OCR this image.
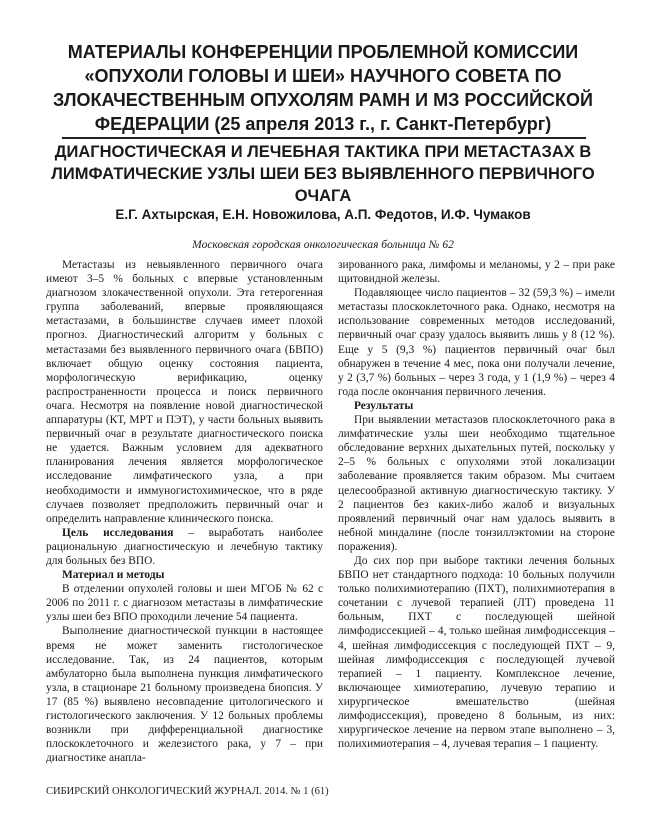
МАТЕРИАЛЫ КОНФЕРЕНЦИИ ПРОБЛЕМНОЙ КОМИССИИ «ОПУХОЛИ ГОЛОВЫ И ШЕИ» НАУЧНОГО СОВЕТА ПО ЗЛОКАЧЕСТВЕННЫМ ОПУХОЛЯМ РАМН И МЗ РОССИЙСКОЙ ФЕДЕРАЦИИ (25 апреля 2013 г., г. Санкт-Петербург)
ДИАГНОСТИЧЕСКАЯ И ЛЕЧЕБНАЯ ТАКТИКА ПРИ МЕТАСТАЗАХ В ЛИМФАТИЧЕСКИЕ УЗЛЫ ШЕИ БЕЗ ВЫЯВЛЕННОГО ПЕРВИЧНОГО ОЧАГА
Е.Г. Ахтырская, Е.Н. Новожилова, А.П. Федотов, И.Ф. Чумаков
Московская городская онкологическая больница № 62

Метастазы из невыявленного первичного очага имеют 3–5 % больных с впервые установленным диагнозом злокачественной опухоли. Эта гетерогенная группа заболеваний, впервые проявляющаяся метастазами, в большинстве случаев имеет плохой прогноз. Диагностический алгоритм у больных с метастазами без выявленного первичного очага (БВПО) включает общую оценку состояния пациента, морфологическую верификацию, оценку распространенности процесса и поиск первичного очага. Несмотря на появление новой диагностической аппаратуры (КТ, МРТ и ПЭТ), у части больных выявить первичный очаг в результате диагностического поиска не удается. Важным условием для адекватного планирования лечения является морфологическое исследование лимфатического узла, а при необходимости и иммуногистохимическое, что в ряде случаев позволяет предположить первичный очаг и определить направление клинического поиска.

Цель исследования – выработать наиболее рациональную диагностическую и лечебную тактику для больных без ВПО.

Материал и методы

В отделении опухолей головы и шеи МГОБ № 62 с 2006 по 2011 г. с диагнозом метастазы в лимфатические узлы шеи без ВПО проходили лечение 54 пациента.

Выполнение диагностической пункции в настоящее время не может заменить гистологическое исследование. Так, из 24 пациентов, которым амбулаторно была выполнена пункция лимфатического узла, в стационаре 21 больному произведена биопсия. У 17 (85 %) выявлено несовпадение цитологического и гистологического заключения. У 12 больных проблемы возникли при дифференциальной диагностике плоскоклеточного и железистого рака, у 7 – при диагностике анапла-

зированного рака, лимфомы и меланомы, у 2 – при раке щитовидной железы.

Подавляющее число пациентов – 32 (59,3 %) – имели метастазы плоскоклеточного рака. Однако, несмотря на использование современных методов исследований, первичный очаг сразу удалось выявить лишь у 8 (12 %). Еще у 5 (9,3 %) пациентов первичный очаг был обнаружен в течение 4 мес, пока они получали лечение, у 2 (3,7 %) больных – через 3 года, у 1 (1,9 %) – через 4 года после окончания первичного лечения.

Результаты

При выявлении метастазов плоскоклеточного рака в лимфатические узлы шеи необходимо тщательное обследование верхних дыхательных путей, поскольку у 2–5 % больных с опухолями этой локализации заболевание проявляется таким образом. Мы считаем целесообразной активную диагностическую тактику. У 2 пациентов без каких-либо жалоб и визуальных проявлений первичный очаг нам удалось выявить в небной миндалине (после тонзиллэктомии на стороне поражения).

До сих пор при выборе тактики лечения больных БВПО нет стандартного подхода: 10 больных получили только полихимиотерапию (ПХТ), полихимиотерапия в сочетании с лучевой терапией (ЛТ) проведена 11 больным, ПХТ с последующей шейной лимфодиссекцией – 4, только шейная лимфодиссекция – 4, шейная лимфодиссекция с последующей ПХТ – 9, шейная лимфодиссекция с последующей лучевой терапией – 1 пациенту. Комплексное лечение, включающее химиотерапию, лучевую терапию и хирургическое вмешательство (шейная лимфодиссекция), проведено 8 больным, из них: хирургическое лечение на первом этапе выполнено – 3, полихимиотерапия – 4, лучевая терапия – 1 пациенту.

СИБИРСКИЙ ОНКОЛОГИЧЕСКИЙ ЖУРНАЛ. 2014. № 1 (61)
